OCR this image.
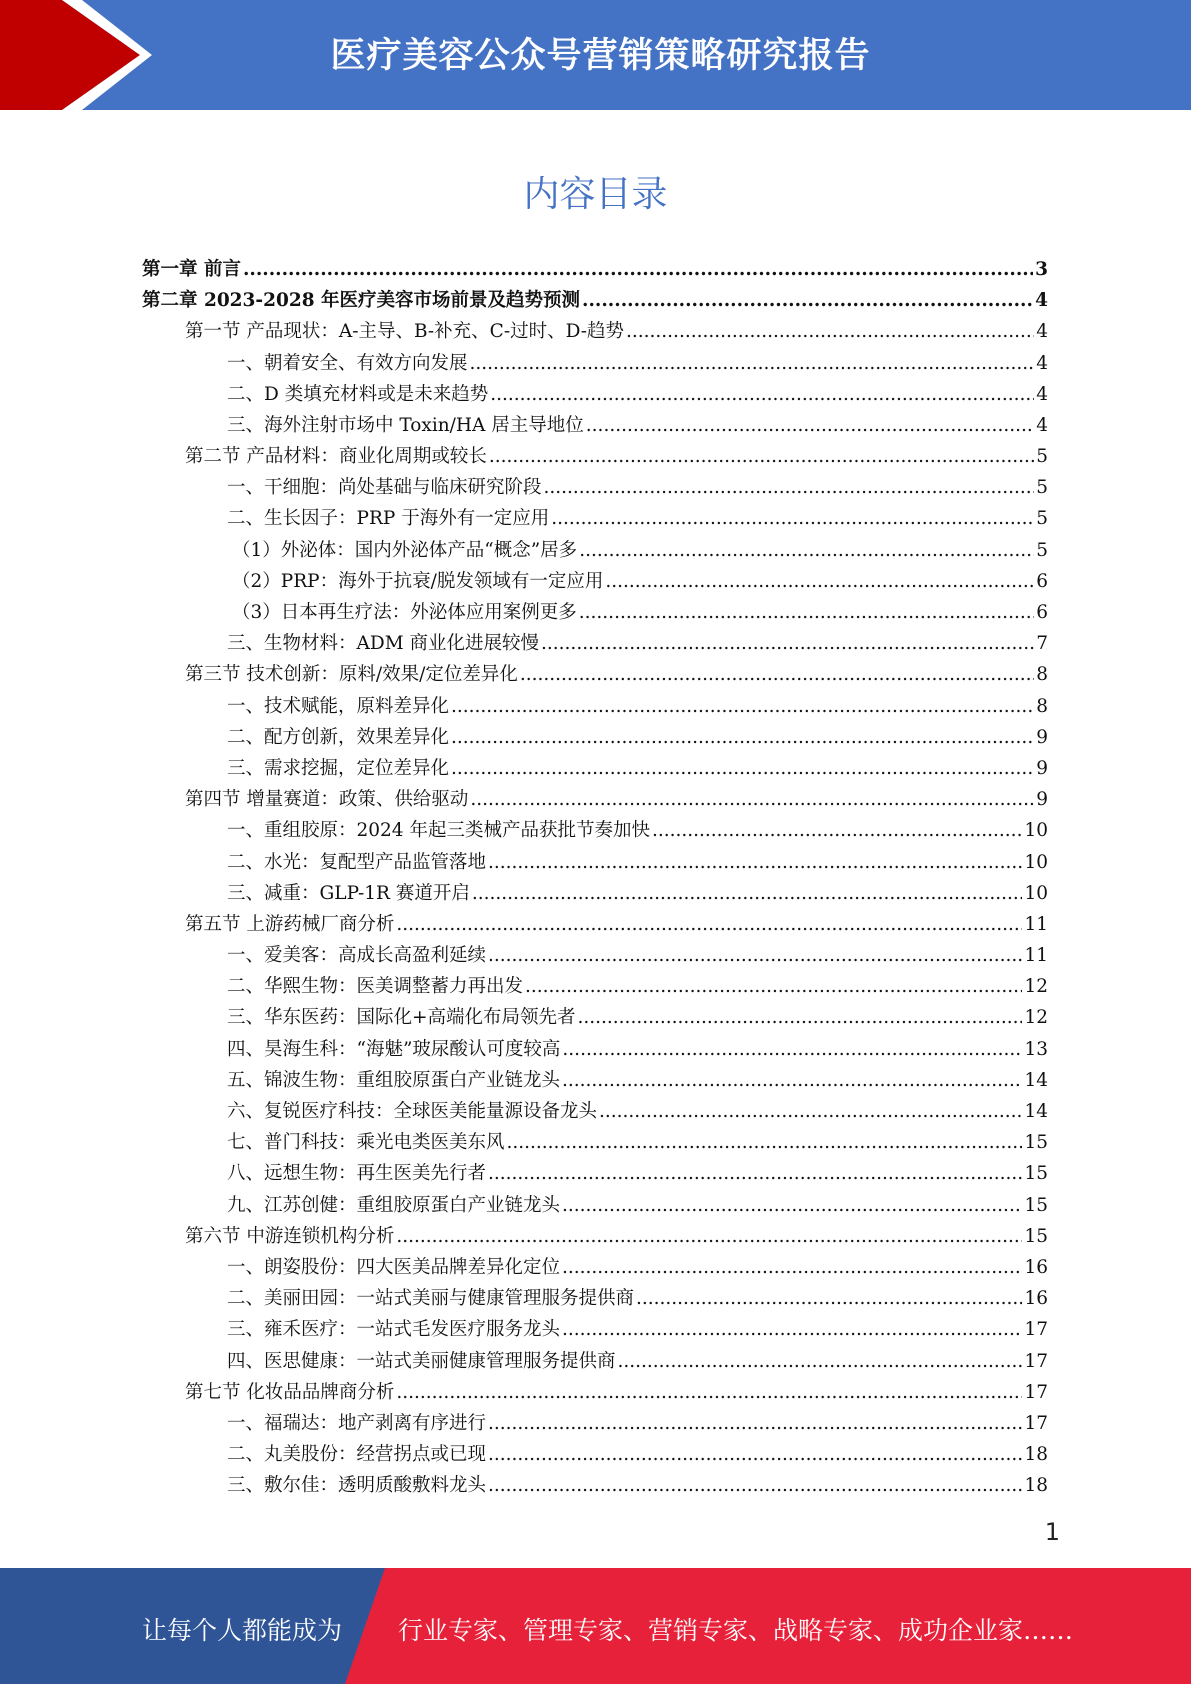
医疗美容公众号营销策略研究报告
内容目录
第一章 前言 .....	3
第二章 2023-2028 年医疗美容市场前景及趋势预测 .....	4
第一节 产品现状：A-主导、B-补充、C-过时、D-趋势 .....	4
一、朝着安全、有效方向发展 .....	4
二、D 类填充材料或是未来趋势 .....	4
三、海外注射市场中 Toxin/HA 居主导地位 .....	4
第二节 产品材料：商业化周期或较长 .....	5
一、干细胞：尚处基础与临床研究阶段 .....	5
二、生长因子：PRP 于海外有一定应用 .....	5
（1）外泌体：国内外泌体产品“概念”居多 .....	5
（2）PRP：海外于抗衰/脱发领域有一定应用 .....	6
（3）日本再生疗法：外泌体应用案例更多 .....	6
三、生物材料：ADM 商业化进展较慢 .....	7
第三节 技术创新：原料/效果/定位差异化 .....	8
一、技术赋能，原料差异化 .....	8
二、配方创新，效果差异化 .....	9
三、需求挖掘，定位差异化 .....	9
第四节 增量赛道：政策、供给驱动 .....	9
一、重组胶原：2024 年起三类械产品获批节奏加快 .....	10
二、水光：复配型产品监管落地 .....	10
三、减重：GLP-1R 赛道开启 .....	10
第五节 上游药械厂商分析 .....	11
一、爱美客：高成长高盈利延续 .....	11
二、华熙生物：医美调整蓄力再出发 .....	12
三、华东医药：国际化+高端化布局领先者 .....	12
四、昊海生科：“海魅”玻尿酸认可度较高 .....	13
五、锦波生物：重组胶原蛋白产业链龙头 .....	14
六、复锐医疗科技：全球医美能量源设备龙头 .....	14
七、普门科技：乘光电类医美东风 .....	15
八、远想生物：再生医美先行者 .....	15
九、江苏创健：重组胶原蛋白产业链龙头 .....	15
第六节 中游连锁机构分析 .....	15
一、朗姿股份：四大医美品牌差异化定位 .....	16
二、美丽田园：一站式美丽与健康管理服务提供商 .....	16
三、雍禾医疗：一站式毛发医疗服务龙头 .....	17
四、医思健康：一站式美丽健康管理服务提供商 .....	17
第七节 化妆品品牌商分析 .....	17
一、福瑞达：地产剥离有序进行 .....	17
二、丸美股份：经营拐点或已现 .....	18
三、敷尔佳：透明质酸敷料龙头 .....	18
1
让每个人都能成为 行业专家、管理专家、营销专家、战略专家、成功企业家……
